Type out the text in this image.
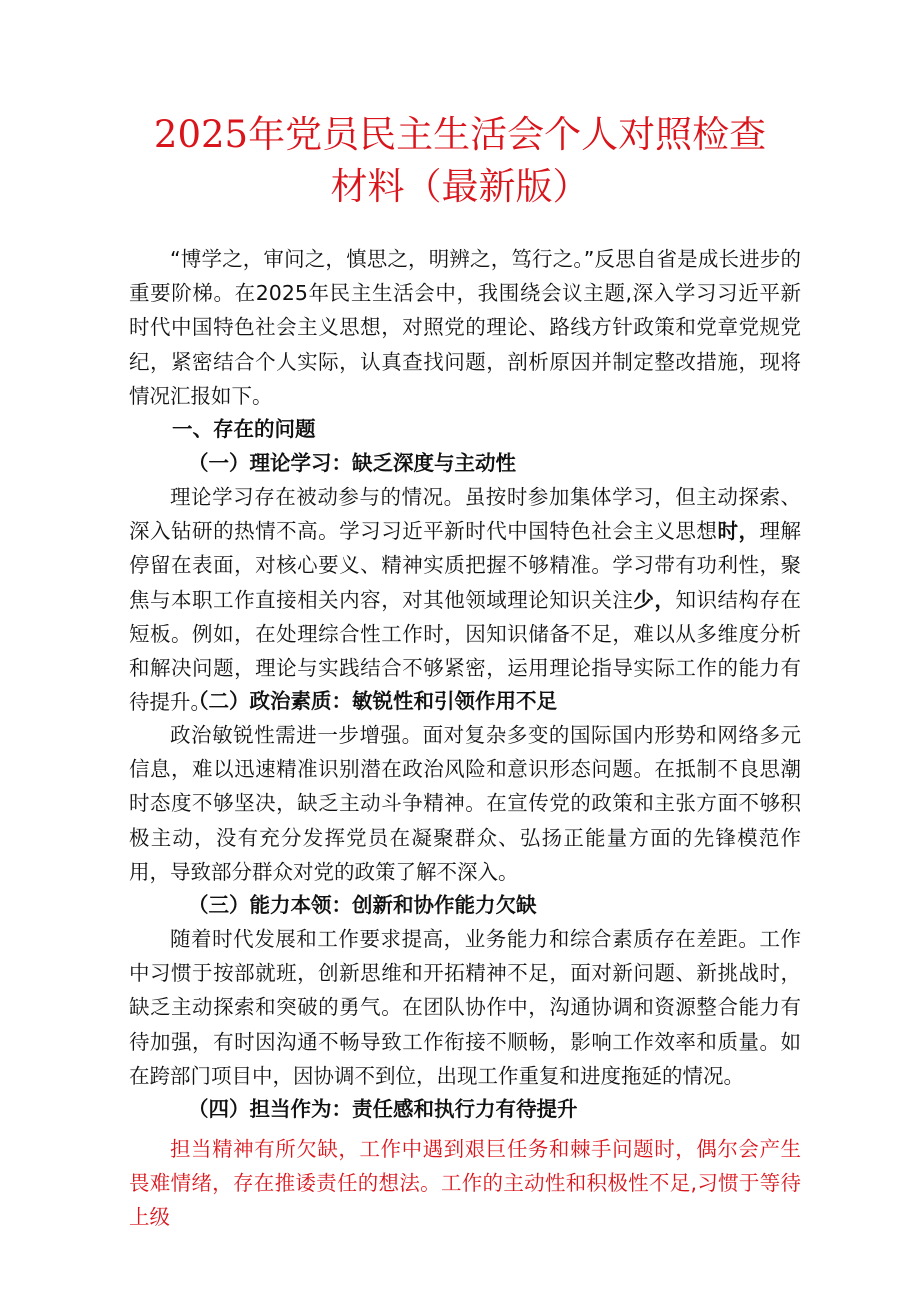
2025年党员民主生活会个人对照检查
材料（最新版）

“博学之，审问之，慎思之，明辨之，笃行之。”反思自省是成长进步的重要阶梯。在2025年民主生活会中，我围绕会议主题,深入学习习近平新时代中国特色社会主义思想，对照党的理论、路线方针政策和党章党规党纪，紧密结合个人实际，认真查找问题，剖析原因并制定整改措施，现将情况汇报如下。

一、存在的问题

（一）理论学习：缺乏深度与主动性

理论学习存在被动参与的情况。虽按时参加集体学习，但主动探索、深入钻研的热情不高。学习习近平新时代中国特色社会主义思想时，理解停留在表面，对核心要义、精神实质把握不够精准。学习带有功利性，聚焦与本职工作直接相关内容，对其他领域理论知识关注少，知识结构存在短板。例如，在处理综合性工作时，因知识储备不足，难以从多维度分析和解决问题，理论与实践结合不够紧密，运用理论指导实际工作的能力有待提升。

（二）政治素质：敏锐性和引领作用不足

政治敏锐性需进一步增强。面对复杂多变的国际国内形势和网络多元信息，难以迅速精准识别潜在政治风险和意识形态问题。在抵制不良思潮时态度不够坚决，缺乏主动斗争精神。在宣传党的政策和主张方面不够积极主动，没有充分发挥党员在凝聚群众、弘扬正能量方面的先锋模范作用，导致部分群众对党的政策了解不深入。

（三）能力本领：创新和协作能力欠缺

随着时代发展和工作要求提高，业务能力和综合素质存在差距。工作中习惯于按部就班，创新思维和开拓精神不足，面对新问题、新挑战时，缺乏主动探索和突破的勇气。在团队协作中，沟通协调和资源整合能力有待加强，有时因沟通不畅导致工作衔接不顺畅，影响工作效率和质量。如在跨部门项目中，因协调不到位，出现工作重复和进度拖延的情况。

（四）担当作为：责任感和执行力有待提升

担当精神有所欠缺，工作中遇到艰巨任务和棘手问题时，偶尔会产生畏难情绪，存在推诿责任的想法。工作的主动性和积极性不足,习惯于等待上级
